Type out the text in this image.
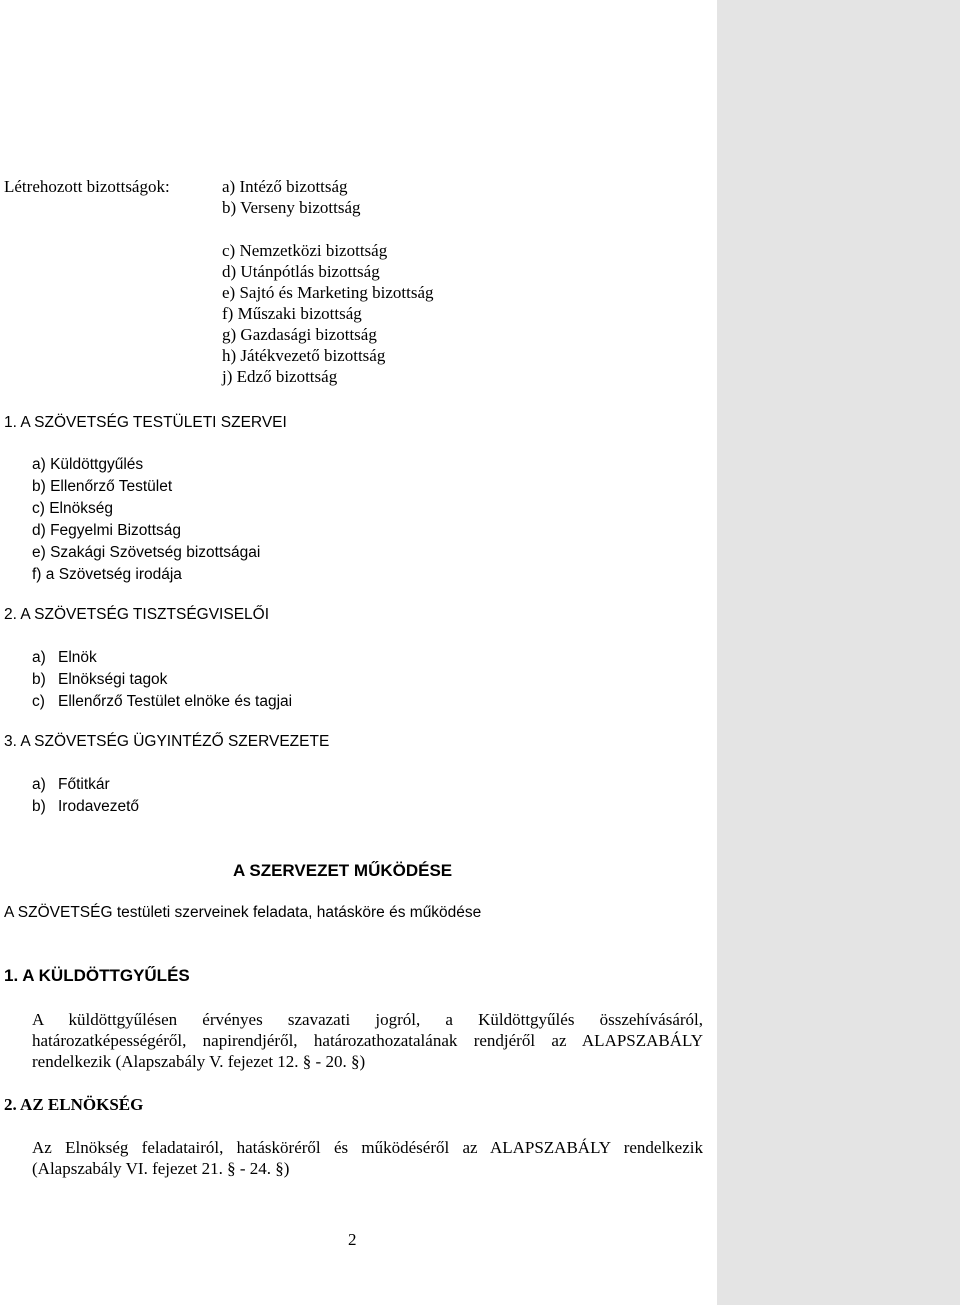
Létrehozott bizottságok:	a) Intéző bizottság
b) Verseny bizottság
c) Nemzetközi bizottság
d) Utánpótlás bizottság
e) Sajtó és Marketing bizottság
f) Műszaki bizottság
g) Gazdasági bizottság
h) Játékvezető bizottság
j) Edző bizottság
1. A SZÖVETSÉG TESTÜLETI SZERVEI
a) Küldöttgyűlés
b) Ellenőrző Testület
c) Elnökség
d) Fegyelmi Bizottság
e) Szakági Szövetség bizottságai
f) a Szövetség irodája
2. A SZÖVETSÉG TISZTSÉGVISELŐI
a) Elnök
b) Elnökségi tagok
c) Ellenőrző Testület elnöke és tagjai
3. A SZÖVETSÉG ÜGYINTÉZŐ SZERVEZETE
a) Főtitkár
b) Irodavezető
A SZERVEZET MŰKÖDÉSE
A SZÖVETSÉG testületi szerveinek feladata, hatásköre és működése
1. A KÜLDÖTTGYŰLÉS
A küldöttgyűlésen érvényes szavazati jogról, a Küldöttgyűlés összehívásáról,
határozatképességéről, napirendjéről, határozathozatalának rendjéről az ALAPSZABÁLY
rendelkezik (Alapszabály V. fejezet 12. § - 20. §)
2. AZ ELNÖKSÉG
Az Elnökség feladatairól, hatásköréről és működéséről az ALAPSZABÁLY rendelkezik
(Alapszabály VI. fejezet 21. § - 24. §)
2
